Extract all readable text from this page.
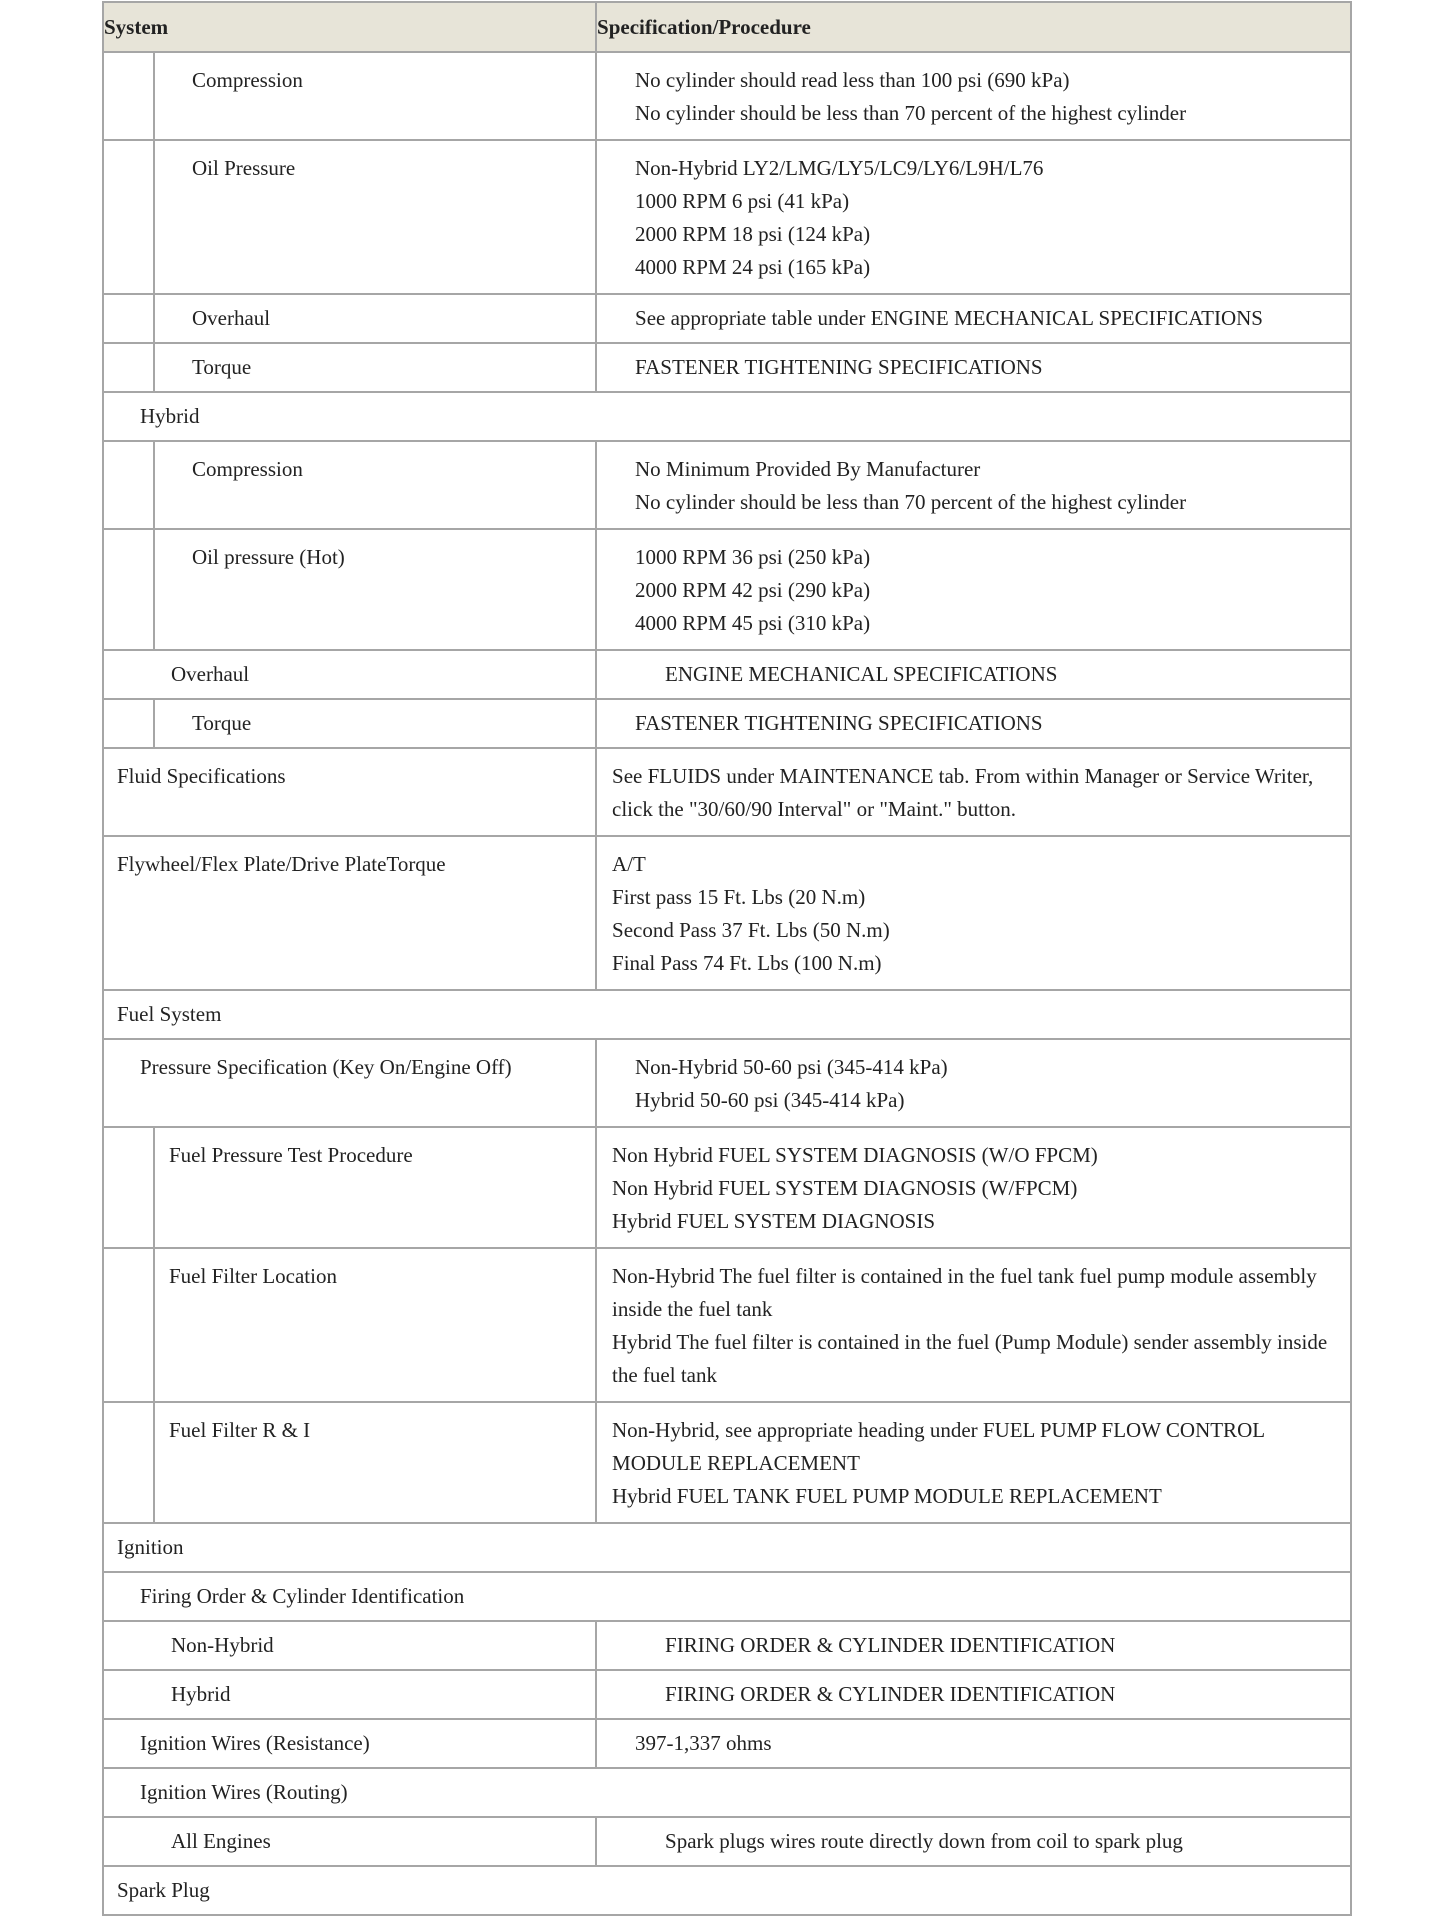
System		Specification/Procedure

	Compression	No cylinder should read less than 100 psi (690 kPa)
No cylinder should be less than 70 percent of the highest cylinder

	Oil Pressure	Non-Hybrid LY2/LMG/LY5/LC9/LY6/L9H/L76
1000 RPM 6 psi (41 kPa)
2000 RPM 18 psi (124 kPa)
4000 RPM 24 psi (165 kPa)

	Overhaul	See appropriate table under ENGINE MECHANICAL SPECIFICATIONS

	Torque	FASTENER TIGHTENING SPECIFICATIONS

Hybrid		

	Compression	No Minimum Provided By Manufacturer
No cylinder should be less than 70 percent of the highest cylinder

	Oil pressure (Hot)	1000 RPM 36 psi (250 kPa)
2000 RPM 42 psi (290 kPa)
4000 RPM 45 psi (310 kPa)

Overhaul		ENGINE MECHANICAL SPECIFICATIONS

	Torque	FASTENER TIGHTENING SPECIFICATIONS

Fluid Specifications		See FLUIDS under MAINTENANCE tab. From within Manager or Service Writer, click the "30/60/90 Interval" or "Maint." button.

Flywheel/Flex Plate/Drive PlateTorque		A/T
First pass 15 Ft. Lbs (20 N.m)
Second Pass 37 Ft. Lbs (50 N.m)
Final Pass 74 Ft. Lbs (100 N.m)

Fuel System		

Pressure Specification (Key On/Engine Off)		Non-Hybrid 50-60 psi (345-414 kPa)
Hybrid 50-60 psi (345-414 kPa)

	Fuel Pressure Test Procedure	Non Hybrid FUEL SYSTEM DIAGNOSIS (W/O FPCM)
Non Hybrid FUEL SYSTEM DIAGNOSIS (W/FPCM)
Hybrid FUEL SYSTEM DIAGNOSIS

	Fuel Filter Location	Non-Hybrid The fuel filter is contained in the fuel tank fuel pump module assembly inside the fuel tank
Hybrid The fuel filter is contained in the fuel (Pump Module) sender assembly inside the fuel tank

	Fuel Filter R & I	Non-Hybrid, see appropriate heading under FUEL PUMP FLOW CONTROL MODULE REPLACEMENT
Hybrid FUEL TANK FUEL PUMP MODULE REPLACEMENT

Ignition		

Firing Order & Cylinder Identification		

Non-Hybrid		FIRING ORDER & CYLINDER IDENTIFICATION

Hybrid		FIRING ORDER & CYLINDER IDENTIFICATION

Ignition Wires (Resistance)		397-1,337 ohms

Ignition Wires (Routing)		

All Engines		Spark plugs wires route directly down from coil to spark plug

Spark Plug		
